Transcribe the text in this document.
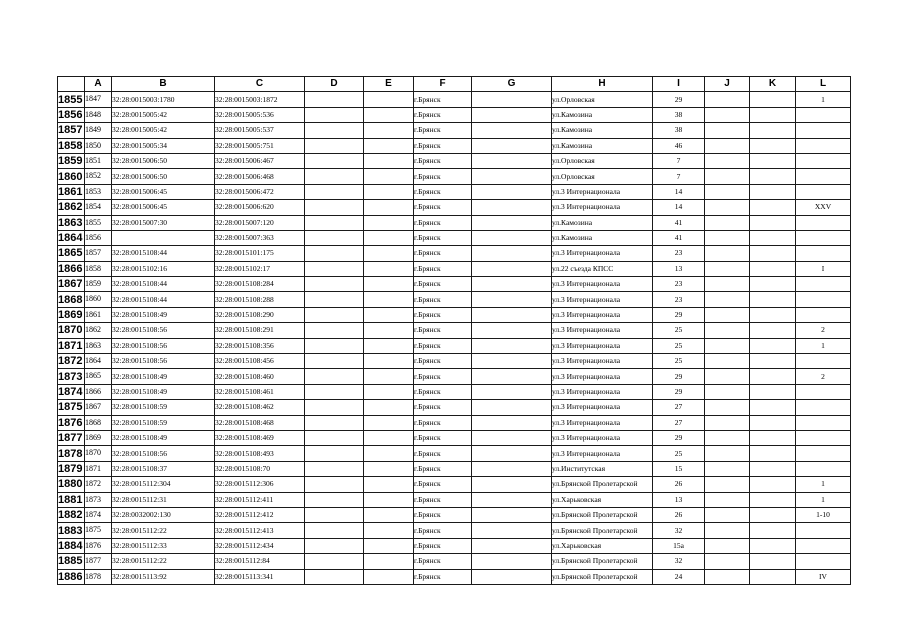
	A	B	C	D	E	F	G	H	I	J	K	L
1855	1847	32:28:0015003:1780	32:28:0015003:1872			г.Брянск		ул.Орловская	29			1
1856	1848	32:28:0015005:42	32:28:0015005:536			г.Брянск		ул.Камозина	38			
1857	1849	32:28:0015005:42	32:28:0015005:537			г.Брянск		ул.Камозина	38			
1858	1850	32:28:0015005:34	32:28:0015005:751			г.Брянск		ул.Камозина	46			
1859	1851	32:28:0015006:50	32:28:0015006:467			г.Брянск		ул.Орловская	7			
1860	1852	32:28:0015006:50	32:28:0015006:468			г.Брянск		ул.Орловская	7			
1861	1853	32:28:0015006:45	32:28:0015006:472			г.Брянск		ул.3 Интернационала	14			
1862	1854	32:28:0015006:45	32:28:0015006:620			г.Брянск		ул.3 Интернационала	14			XXV
1863	1855	32:28:0015007:30	32:28:0015007:120			г.Брянск		ул.Камозина	41			
1864	1856		32:28:0015007:363			г.Брянск		ул.Камозина	41			
1865	1857	32:28:0015108:44	32:28:0015101:175			г.Брянск		ул.3 Интернационала	23			
1866	1858	32:28:0015102:16	32:28:0015102:17			г.Брянск		ул.22 съезда КПСС	13			I
1867	1859	32:28:0015108:44	32:28:0015108:284			г.Брянск		ул.3 Интернационала	23			
1868	1860	32:28:0015108:44	32:28:0015108:288			г.Брянск		ул.3 Интернационала	23			
1869	1861	32:28:0015108:49	32:28:0015108:290			г.Брянск		ул.3 Интернационала	29			
1870	1862	32:28:0015108:56	32:28:0015108:291			г.Брянск		ул.3 Интернационала	25			2
1871	1863	32:28:0015108:56	32:28:0015108:356			г.Брянск		ул.3 Интернационала	25			1
1872	1864	32:28:0015108:56	32:28:0015108:456			г.Брянск		ул.3 Интернационала	25			
1873	1865	32:28:0015108:49	32:28:0015108:460			г.Брянск		ул.3 Интернационала	29			2
1874	1866	32:28:0015108:49	32:28:0015108:461			г.Брянск		ул.3 Интернационала	29			
1875	1867	32:28:0015108:59	32:28:0015108:462			г.Брянск		ул.3 Интернационала	27			
1876	1868	32:28:0015108:59	32:28:0015108:468			г.Брянск		ул.3 Интернационала	27			
1877	1869	32:28:0015108:49	32:28:0015108:469			г.Брянск		ул.3 Интернационала	29			
1878	1870	32:28:0015108:56	32:28:0015108:493			г.Брянск		ул.3 Интернационала	25			
1879	1871	32:28:0015108:37	32:28:0015108:70			г.Брянск		ул.Институтская	15			
1880	1872	32:28:0015112:304	32:28:0015112:306			г.Брянск		ул.Брянской Пролетарской	26			1
1881	1873	32:28:0015112:31	32:28:0015112:411			г.Брянск		ул.Харьковская	13			1
1882	1874	32:28:0032002:130	32:28:0015112:412			г.Брянск		ул.Брянской Пролетарской	26			1-10
1883	1875	32:28:0015112:22	32:28:0015112:413			г.Брянск		ул.Брянской Пролетарской	32			
1884	1876	32:28:0015112:33	32:28:0015112:434			г.Брянск		ул.Харьковская	15а			
1885	1877	32:28:0015112:22	32:28:0015112:84			г.Брянск		ул.Брянской Пролетарской	32			
1886	1878	32:28:0015113:92	32:28:0015113:341			г.Брянск		ул.Брянской Пролетарской	24			IV
